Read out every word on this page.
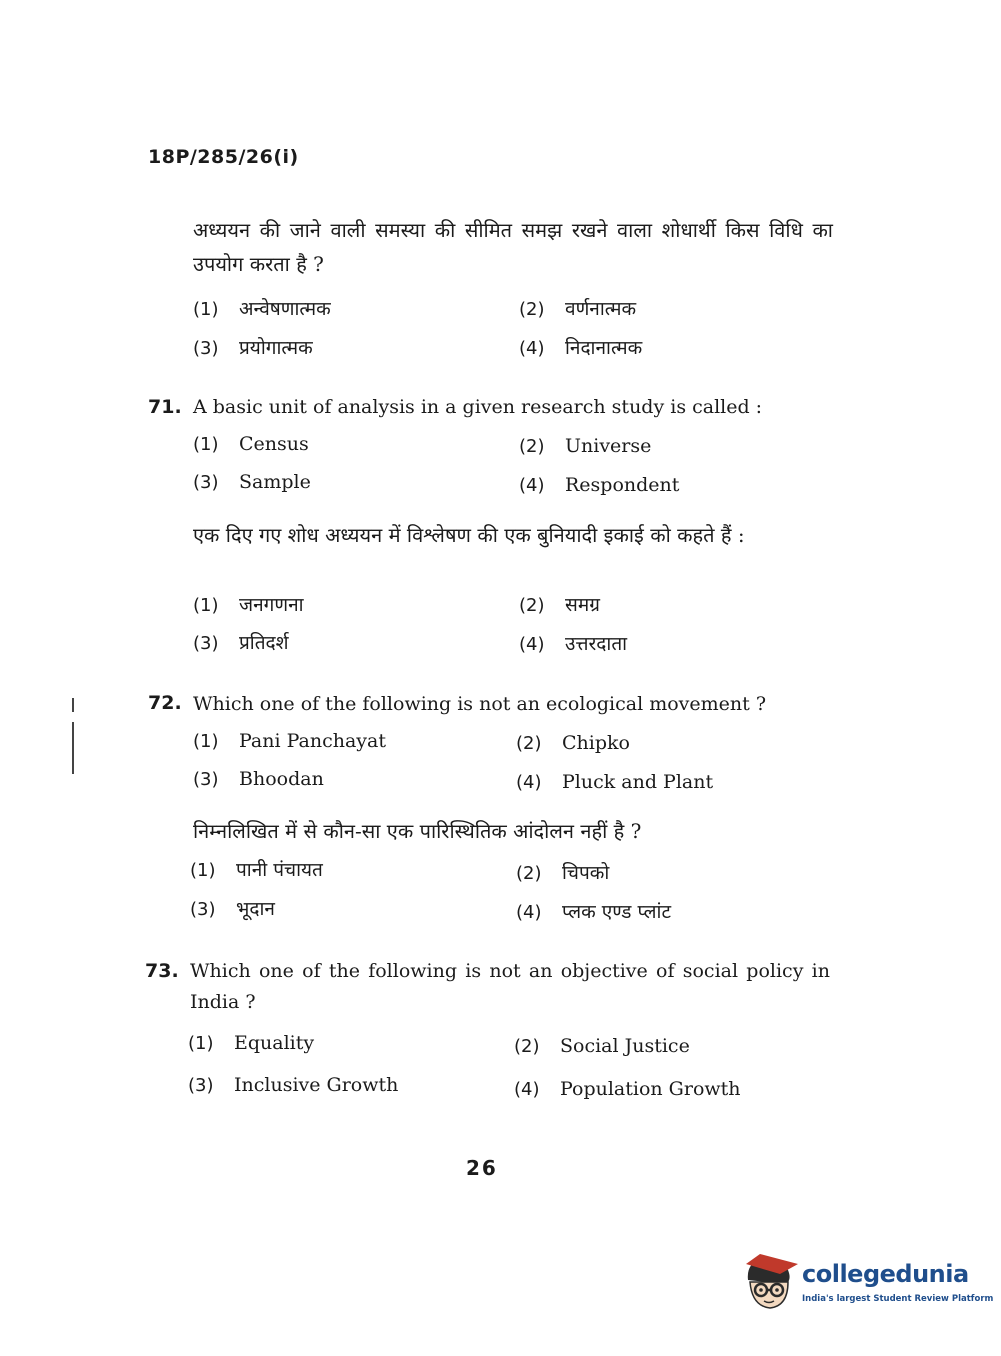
18P/285/26(i)
अध्ययन की जाने वाली समस्या की सीमित समझ रखने वाला शोधार्थी किस विधि का उपयोग करता है ?
(1) अन्वेषणात्मक	(2) वर्णनात्मक
(3) प्रयोगात्मक	(4) निदानात्मक
71. A basic unit of analysis in a given research study is called :
(1) Census	(2) Universe
(3) Sample	(4) Respondent
एक दिए गए शोध अध्ययन में विश्लेषण की एक बुनियादी इकाई को कहते हैं :
(1) जनगणना	(2) समग्र
(3) प्रतिदर्श	(4) उत्तरदाता
72. Which one of the following is not an ecological movement ?
(1) Pani Panchayat	(2) Chipko
(3) Bhoodan	(4) Pluck and Plant
निम्नलिखित में से कौन-सा एक पारिस्थितिक आंदोलन नहीं है ?
(1) पानी पंचायत	(2) चिपको
(3) भूदान	(4) प्लक एण्ड प्लांट
73. Which one of the following is not an objective of social policy in India ?
(1) Equality	(2) Social Justice
(3) Inclusive Growth	(4) Population Growth
26
collegedunia
India's largest Student Review Platform
